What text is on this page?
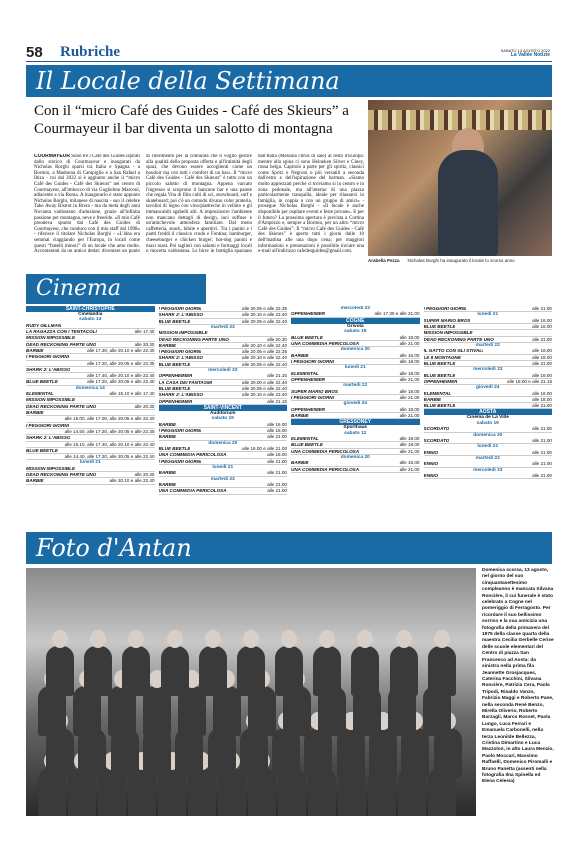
58 Rubriche	SABATO 13 AGOSTO 2022
La Vallée Notizie
Il Locale della Settimana
Con il “micro Café des Guides - Café des Skieurs” a Courmayeur il bar diventa un salotto di montagna
COURMAYEUR Sono tre i Café des Guides ispirati dallo storico di Courmayeur e inaugurati da Nicholas Borghi sparsi tra Italia e Spagna - a Bormio, a Madonna di Campiglio e a San Rafael a Ibiza - cui dal 2022 si è aggiunto anche il “micro Café des Guides - Café des Skieurs” nel centro di Courmayeur, all'imbocco di via Guglielmo Marconi, adiacente a via Roma. A inaugurarlo è stato appunto Nicholas Borghi, milanese di nascita - suo il celebre Take Away Bistrot in Brera - ma da metà degli anni Novanta valdostano d'adozione, grazie all'infinita passione per montagna, neve e freeride. «Il mio Café prendeva spunto dal Café des Guides di Courmayeur, che conduco con il mio staff dal 1998» - riferisce il titolare Nicholas Borghi - «L'idea era semmai viaggiando per l'Europa, in locali come questi “fratelli minori” di un locale che amo molto. Accontentati da un antico dettat: diventare un punto di riferimento per la comunità che li voglio gestire alla qualità della proposta offerta e all'intimità degli spazi, che devono essere accoglienti come un boudoir ma con tutti i comfort di un bar». Il “micro Café des Guides - Café des Skieurs” è tutto con un piccolo salotto di montagna. Appena varcato l'ingresso si scoprono il bancone bar e una parete che regala Vita di film culti di sci, snowboard, surf e skateboard; poi c'è un comodo divano color prateria, tavolini di legno con vino/piattreche in velluto e gli immancabili sgabelli alti. A impreziosire l'ambiente non mancano dettagli di design, luci soffuse e un'amichevole atmosfera familiare. Dal menu caffetteria, snack, bibite e aperitivi. Tra i panini e i piatti freddi il classico crudo e Fontina; hamburger, cheeseburger e chicken burger; hot-dog panini e maxi toast. Poi taglieri con salumi e formaggi locali o mocetta valdostana. Le birre in bottiglia spaziano dall'Italia (Messina citrus di sale) al resto d'Europa: mentre alla spina ci sono Heineken Silver e Ciney, rossa belga. Capitolo a parte per gli spiritz, classici come Spritz e Negroni o più versatili a seconda dall'estro e dell'ispirazione del barman. «Siamo molto apprezzati perché ci troviamo si in centro e in zona pedonale, ma all'interno di una piazza particolarmente tranquilla, ideale per rilassarsi in famiglia, in coppia o con un gruppo di amici» - prosegue Nicholas Borghi - «Il locale è anche disponibile per ospitare eventi e feste private». E per il futuro? La prossima apertura è prevista a Cortina d'Ampezzo e, sempre a Bormio, per un altro “micro Café des Guides”. Il “micro Café des Guides - Café des Skieurs” è aperto tutti i giorni dalle 10 dell'mattina alle una dopo cena; per maggiori informazioni e prenotazioni è possibile inviare una e-mail all'indirizzo cafedesguides@gmail.com.
Arabella Pezza Nicholas Borghi ha inaugurato il locale lo scorso anno
Cinema
SAINT-CHRISTOPHE
Cinelandia
sabato 13
RUDY GILLMAN
LA RAGAZZA CON I TENTACOLI	alle 17.40
MISSION IMPOSSIBLE
DEAD RECKONING PARTE UNO	alle 20.30
BARBIE	alle 17.30, alle 20.10 e alle 22.40
I PEGGIORI GIORNI
alle 17.20, alle 20.05 e alle 22.35
SHARK 2: L'ABISSO
alle 17.40, alle 20.10 e alle 22.40
BLUE BEETLE	alle 17.20, alle 20.05 e alle 22.40
domenica 14
ELEMENTAL	alle 15.10 e alle 17.40
MISSION IMPOSSIBLE
DEAD RECKONING PARTE UNO	alle 20.30
BARBIE
alle 15.00, alle 17.00, alle 20.05 e alle 22.40
I PEGGIORI GIORNI
alle 14.50, alle 17.20, alle 20.05 e alle 22.35
SHARK 2: L'ABISSO
alle 15.10, alle 17.40, alle 20.10 e alle 22.40
BLUE BEETLE
alle 14.40, alle 17.20, alle 20.05 e alle 22.40
lunedì 21
MISSION IMPOSSIBLE
DEAD RECKONING PARTE UNO	alle 20.30
BARBIE	alle 20.10 e alle 22.40
I PEGGIORI GIORNI	alle 20.05 e alle 22.35
SHARK 2: L'ABISSO	alle 20.10 e alle 22.40
BLUE BEETLE	alle 20.05 e alle 22.40
martedì 22
MISSION IMPOSSIBLE
DEAD RECKONING PARTE UNO	alle 20.30
BARBIE	alle 20.10 e alle 22.40
I PEGGIORI GIORNI	alle 20.05 e alle 22.35
SHARK 2: L'ABISSO	alle 20.10 e alle 22.40
BLUE BEETLE	alle 20.05 e alle 22.40
mercoledì 23
OPPENHEIMER	alle 21.15
LA CASA DEI FANTASMI	alle 20.00 e alle 22.40
BLUE BEETLE	alle 20.05 e alle 22.40
SHARK 2: L'ABISSO	alle 20.10 e alle 22.40
OPPENHEIMER	alle 21.15
SAINT-VINCENT
Auditorium
sabato 19
BARBIE	alle 16.00
I PEGGIORI GIORNI	alle 18.00
BARBIE	alle 21.00
domenica 20
BLUE BEETLE	alle 16.00 e alle 21.00
UNA COMMEDIA PERICOLOSA	alle 18.00
I PEGGIORI GIORNI	alle 21.00
lunedì 21
BARBIE	alle 21.00
martedì 22
BARBIE	alle 21.00
UNA COMMEDIA PERICOLOSA	alle 21.00
mercoledì 23
OPPENHEIMER	alle 17.30 e alle 21.00
COGNE
Grivola
sabato 19
BLUE BEETLE	alle 18.00
UNA COMMEDIA PERICOLOSA	alle 21.00
domenica 20
BARBIE	alle 16.00
I PEGGIORI GIORNI	alle 18.00
lunedì 21
ELEMENTAL	alle 18.00
OPPENHEIMER	alle 21.00
martedì 22
SUPER MARIO BROS	alle 18.00
I PEGGIORI GIORNI	alle 21.00
giovedì 24
OPPENHEIMER	alle 18.00
BARBIE	alle 21.00
GRESSONEY
Sporthaus
sabato 12
ELEMENTAL	alle 18.00
BLUE BEETLE	alle 18.00
UNA COMMEDIA PERICOLOSA	alle 21.00
domenica 20
BARBIE	alle 16.00
UNA COMMEDIA PERICOLOSA	alle 21.00
I PEGGIORI GIORNI	alle 21.00
lunedì 21
SUPER MARIO BROS	alle 16.00
BLUE BEETLE	alle 18.00
MISSION IMPOSSIBLE
DEAD RECKONING PARTE UNO	alle 21.00
martedì 22
IL GATTO CON GLI STIVALI	alle 16.00
LE 8 MONTAGNE	alle 18.00
BLUE BEETLE	alle 21.00
mercoledì 23
BLUE BEETLE	alle 16.00
OPPENHEIMER	alle 18.00 e alle 21.15
giovedì 24
ELEMENTAL	alle 16.00
BARBIE	alle 18.00
BLUE BEETLE	alle 21.00
AOSTA
Cinéma de La Ville
sabato 19
SCORDATO	alle 21.00
domenica 20
SCORDATO	alle 21.00
lunedì 21
ENNIO	alle 21.00
martedì 22
ENNIO	alle 21.00
mercoledì 23
ENNIO	alle 21.00
Foto d'Antan
Domenica scorsa, 13 agosto, nel giorno del suo cinquantasettesimo compleanno è mancata Silvana Roncière, il cui funerale è stato celebrato a Cogne nel pomeriggio di Ferragosto. Per ricordare il suo bellissimo sorriso e la sua amicizia una fotografia della primavera del 1975 della classe quarta della maestra Cecilia Gerbelle Cerise delle scuole elementari del Centro di piazza San Francesco ad Aosta: da sinistra nella prima fila Jeannette Grosjacques, Caterina Facchini, Silvana Roncière, Patrizia Cera, Paola Tripodi, Rinaldo Vanzo, Fabrizio Maggi e Roberto Pane, nella seconda Renè Benzo, Mirella Oliverio, Roberto Barzagli, Marco Rosset, Paola Lungo, Luca Ferrari e Emanuela Carbonelli, nella terza Leonilde Bellezza, Cristina Dimartino e Luca Mazzolon, in alto Laura Menzio, Paolo Moccari, Massimo Raffaelli, Domenico Piromalli e Bruno Panetta (assenti nella fotografia Ilna Spinella ed Elena Celesia)
